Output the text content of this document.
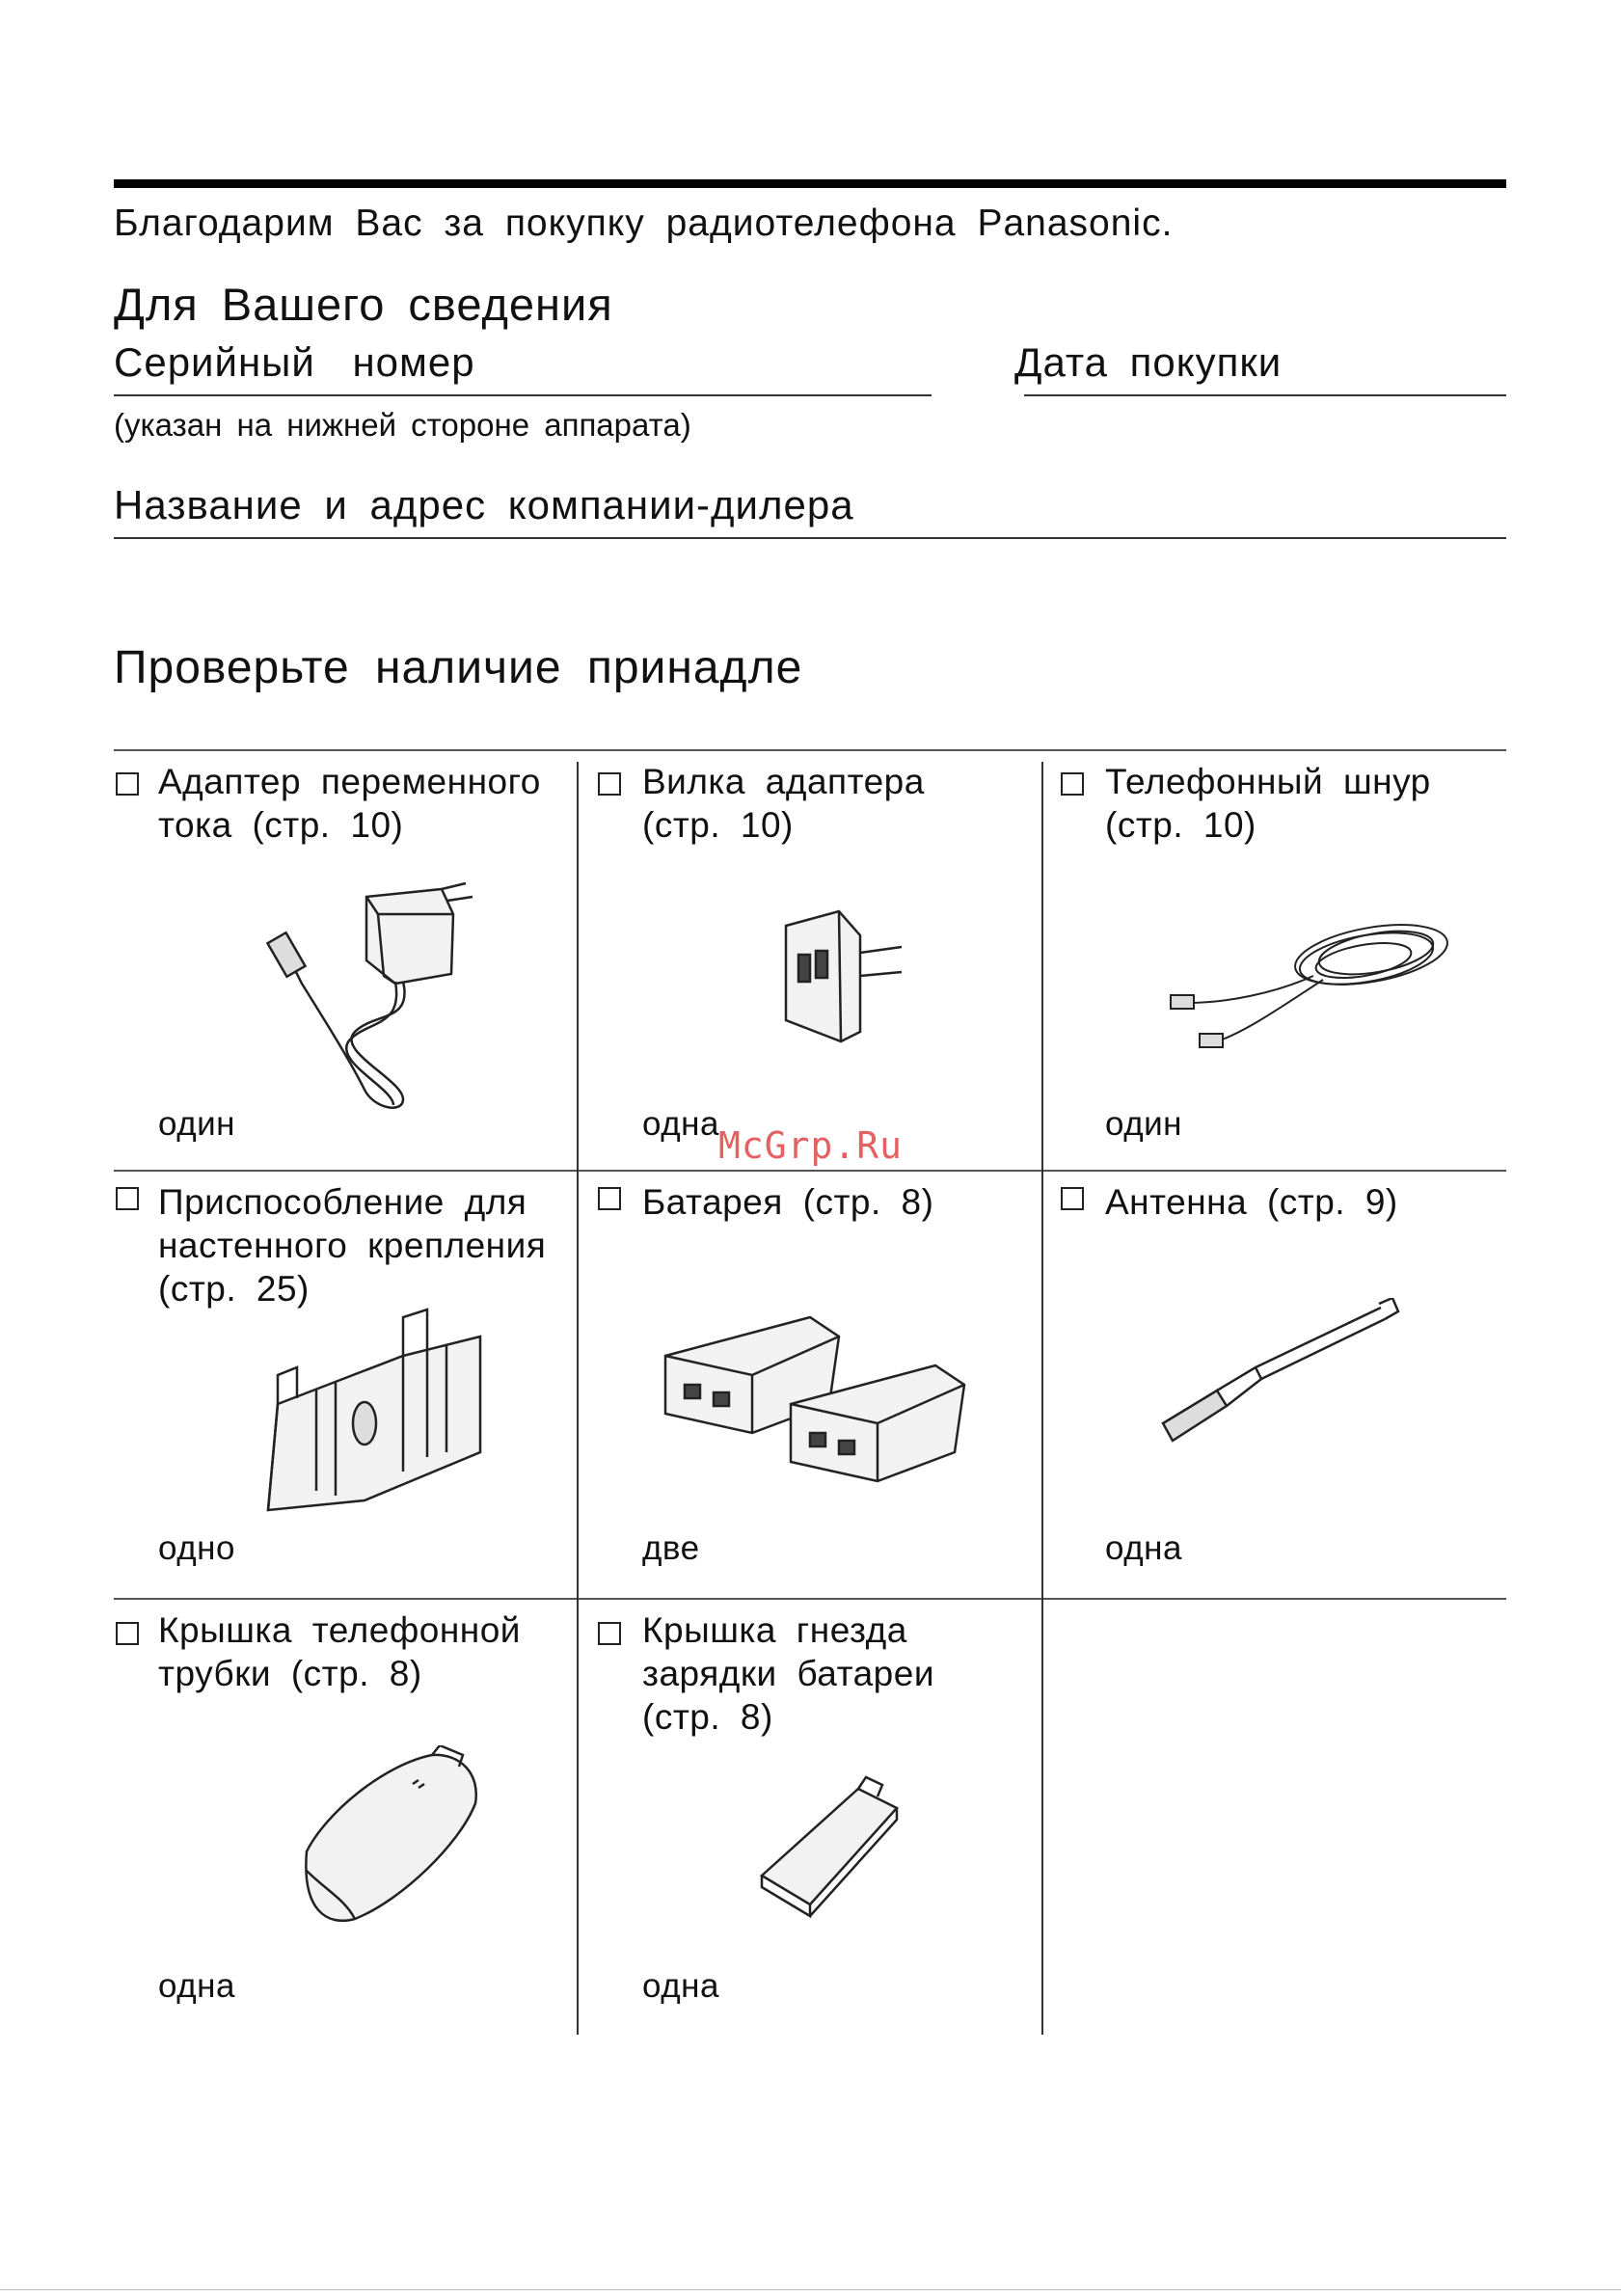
Благодарим Вас за покупку радиотелефона Panasonic.
Для Вашего сведения
Серийный номер	Дата покупки
(указан на нижней стороне аппарата)
Название и адрес компании-дилера
Проверьте наличие принадле
Адаптер переменного
тока (стр. 10)
один
Вилка адаптера
(стр. 10)
одна
Телефонный шнур
(стр. 10)
один
Приспособление для
настенного крепления
(стр. 25)
одно
Батарея (стр. 8)
две
Антенна (стр. 9)
одна
Крышка телефонной
трубки (стр. 8)
одна
Крышка гнезда
зарядки батареи
(стр. 8)
одна
McGrp.Ru
